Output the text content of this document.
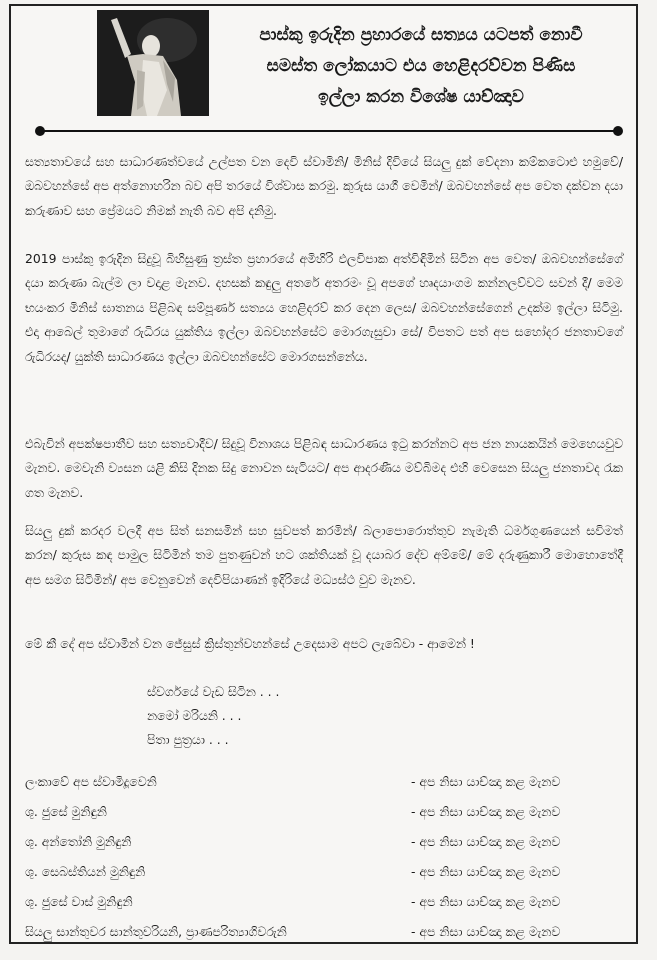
පාස්කු ඉරුදින ප්‍රහාරයේ සත්‍යය යටපත් නොවී
සමස්ත ලෝකයාට එය හෙළිදරව්වන පිණිස
ඉල්ලා කරන විශේෂ යාච්ඤාව

සත්‍යතාවයේ සහ සාධාරණත්වයේ උල්පත වන දෙවි ස්වාමිනි/ මිනිස් දිවියේ සියලු දුක් වේදනා කම්කටොළු හමුවේ/ ඔබවහන්සේ අප අත්නොහරින බව අපි තරයේ විශ්වාස කරමු. කුරුස යාගී වෙමින්/ ඔබවහන්සේ අප වෙත දක්වන දයා කරුණාව සහ ප්‍රේමයට නිමක් නැති බව අපි දනිමු.

2019 පාස්කු ඉරුදින සිදුවූ බිහිසුණු ත්‍රස්ත ප්‍රහාරයේ අමිහිරි ඵලවිපාක අත්විඳිමින් සිටින අප වෙත/ ඔබවහන්සේගේ දයා කරුණා බැල්ම ලා වදාළ මැනව. දහසක් කඳුලු අතරේ අතරමං වූ අපගේ හෘදයාංගම කන්නලව්වට සවන් දී/ මෙම භයංකර මිනිස් ඝාතනය පිළිබඳ සම්පූර්ණ සත්‍යය හෙළිදරව් කර දෙන ලෙස/ ඔබවහන්සේගෙන් උදක්ම ඉල්ලා සිටිමු. එදා ආබෙල් තුමාගේ රුධිරය යුක්තිය ඉල්ලා ඔබවහන්සේට මොරගැසුවා සේ/ විපතට පත් අප සහෝදර ජනතාවගේ රුධිරයද/ යුක්ති සාධාරණය ඉල්ලා ඔබවහන්සේට මොරගසන්නේය.

එබැවින් අපක්ෂපාතීව සහ සත්‍යවාදීව/ සිදුවූ විනාශය පිළිබඳ සාධාරණය ඉටු කරන්නට අප ජන නායකයින් මෙහෙයවුව මැනව. මෙවැනි ව්‍යසන යළි කිසි දිනක සිදු නොවන සැටියට/ අප ආදරණීය මව්බිමද එහි වෙසෙන සියලු ජනතාවද රැක ගත මැනව.

සියලු දුක් කරදර වලදී අප සිත් සනසමින් සහ සුවපත් කරමින්/ බලාපොරොත්තුව නැමැති ධර්මගුණයෙන් සවිමත් කරන/ කුරුස කඳ පාමුල සිටිමින් තම පුතණුවන් හට ශක්තියක් වූ දයාබර දේව අම්මේ/ මේ දරුණුකාරී මොහොතේදී අප සමග සිටිමින්/ අප වෙනුවෙන් දෙවිපියාණන් ඉදිරියේ මධ්‍යස්ථ වුව මැනව.

මේ කී දේ අප ස්වාමින් වන ජේසුස් ක්‍රිස්තුන්වහන්සේ උදෙසාම අපට ලැබේවා - ආමෙන් !

ස්වර්ගයේ වැඩ සිටින . . .
නමෝ මරියනි . . .
පිතා පුත්‍රයා . . .
ලංකාවේ අප ස්වාමිදූවෙනි	- අප නිසා යාච්ඤා කළ මැනව
ශු. ජුසේ මුනිඳුනි	- අප නිසා යාච්ඤා කළ මැනව
ශු. අන්තෝනි මුනිඳුනි	- අප නිසා යාච්ඤා කළ මැනව
ශු. සෙබස්තියන් මුනිඳුනි	- අප නිසා යාච්ඤා කළ මැනව
ශු. ජුසේ වාස් මුනිඳුනි	- අප නිසා යාච්ඤා කළ මැනව
සියලු සාන්තුවර සාන්තුවරියනි, ප්‍රාණපරිත්‍යාගිවරුනි	- අප නිසා යාච්ඤා කළ මැනව
